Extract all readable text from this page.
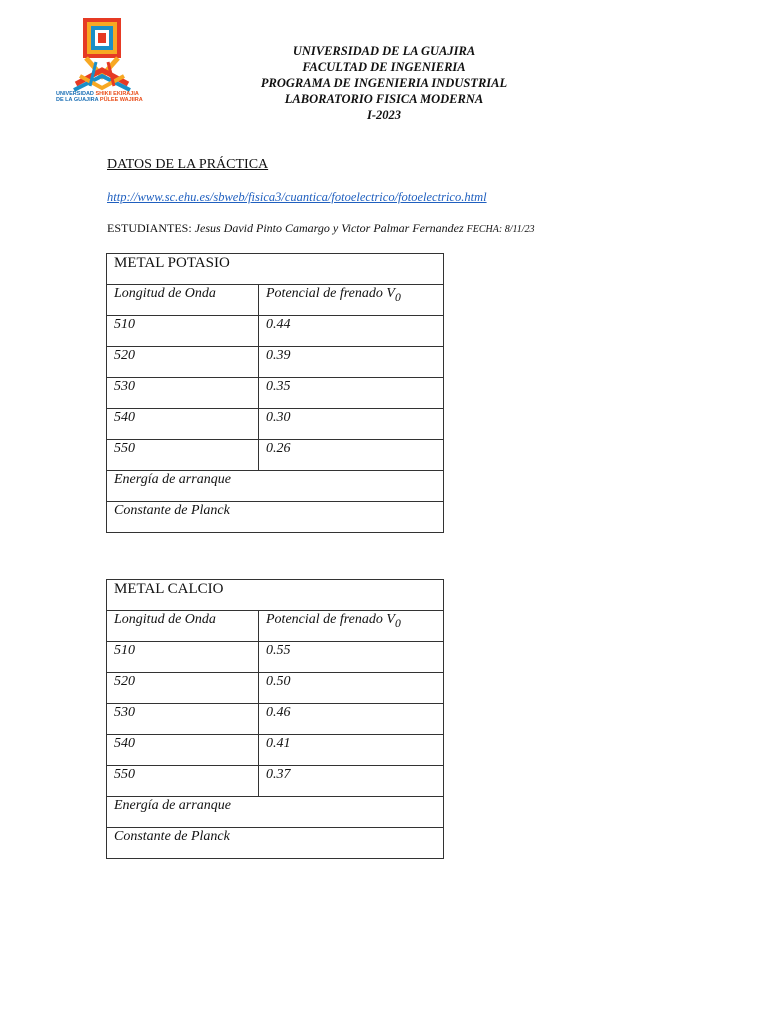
UNIVERSIDAD SHIKII EKIRAJIA
DE LA GUAJIRA PÜLEE WAJIIRA
UNIVERSIDAD DE LA GUAJIRA
FACULTAD DE INGENIERIA
PROGRAMA DE INGENIERIA INDUSTRIAL
LABORATORIO FISICA MODERNA
I-2023
DATOS DE LA PRÁCTICA
http://www.sc.ehu.es/sbweb/fisica3/cuantica/fotoelectrico/fotoelectrico.html
ESTUDIANTES: Jesus David Pinto Camargo y Victor Palmar Fernandez FECHA: 8/11/23
METAL POTASIO	
Longitud de Onda	Potencial de frenado $V_0$
510	0.44
520	0.39
530	0.35
540	0.30
550	0.26
Energía de arranque	
Constante de Planck	
METAL CALCIO	
Longitud de Onda	Potencial de frenado $V_0$
510	0.55
520	0.50
530	0.46
540	0.41
550	0.37
Energía de arranque	
Constante de Planck	
